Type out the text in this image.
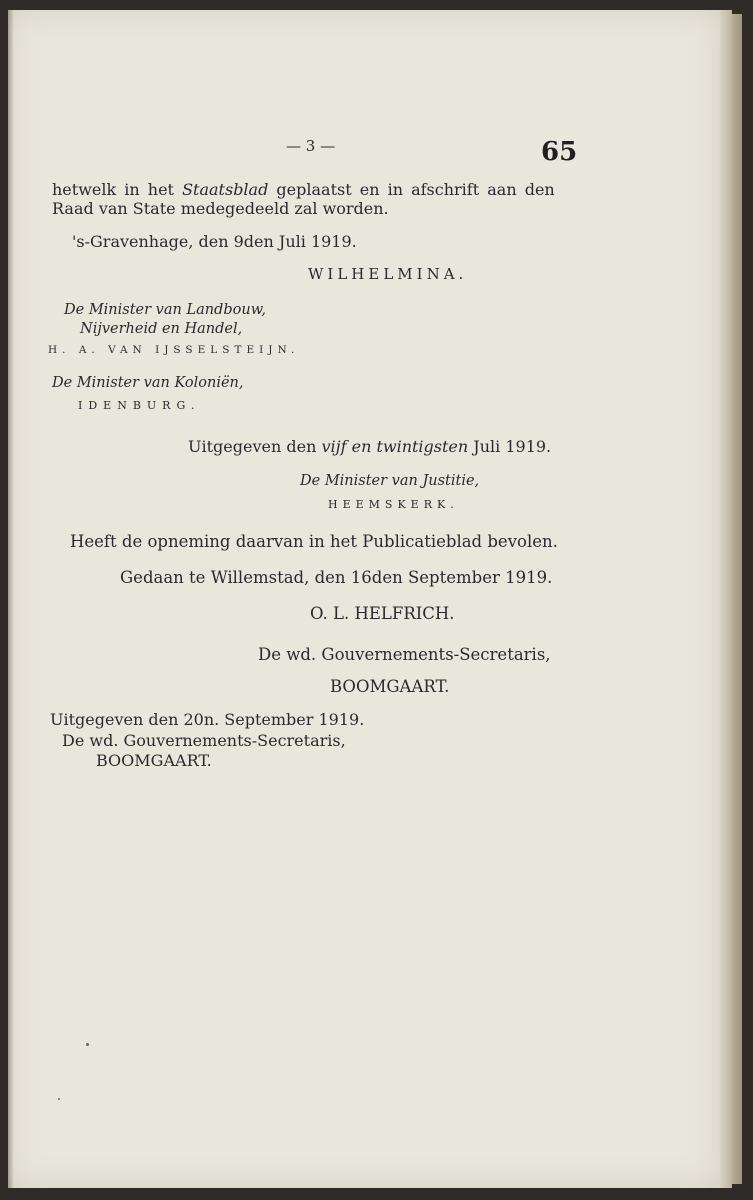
— 3 —	65

hetwelk in het Staatsblad geplaatst en in afschrift aan den

Raad van State medegedeeld zal worden.

's-Gravenhage, den 9den Juli 1919.

WILHELMINA.

De Minister van Landbouw,

Nijverheid en Handel,

H. A. VAN IJSSELSTEIJN.

De Minister van Koloniën,

IDENBURG.

Uitgegeven den vijf en twintigsten Juli 1919.

De Minister van Justitie,

HEEMSKERK.

Heeft de opneming daarvan in het Publicatieblad bevolen.

Gedaan te Willemstad, den 16den September 1919.

O. L. HELFRICH.

De wd. Gouvernements-Secretaris,

BOOMGAART.

Uitgegeven den 20n. September 1919.

De wd. Gouvernements-Secretaris,

BOOMGAART.
